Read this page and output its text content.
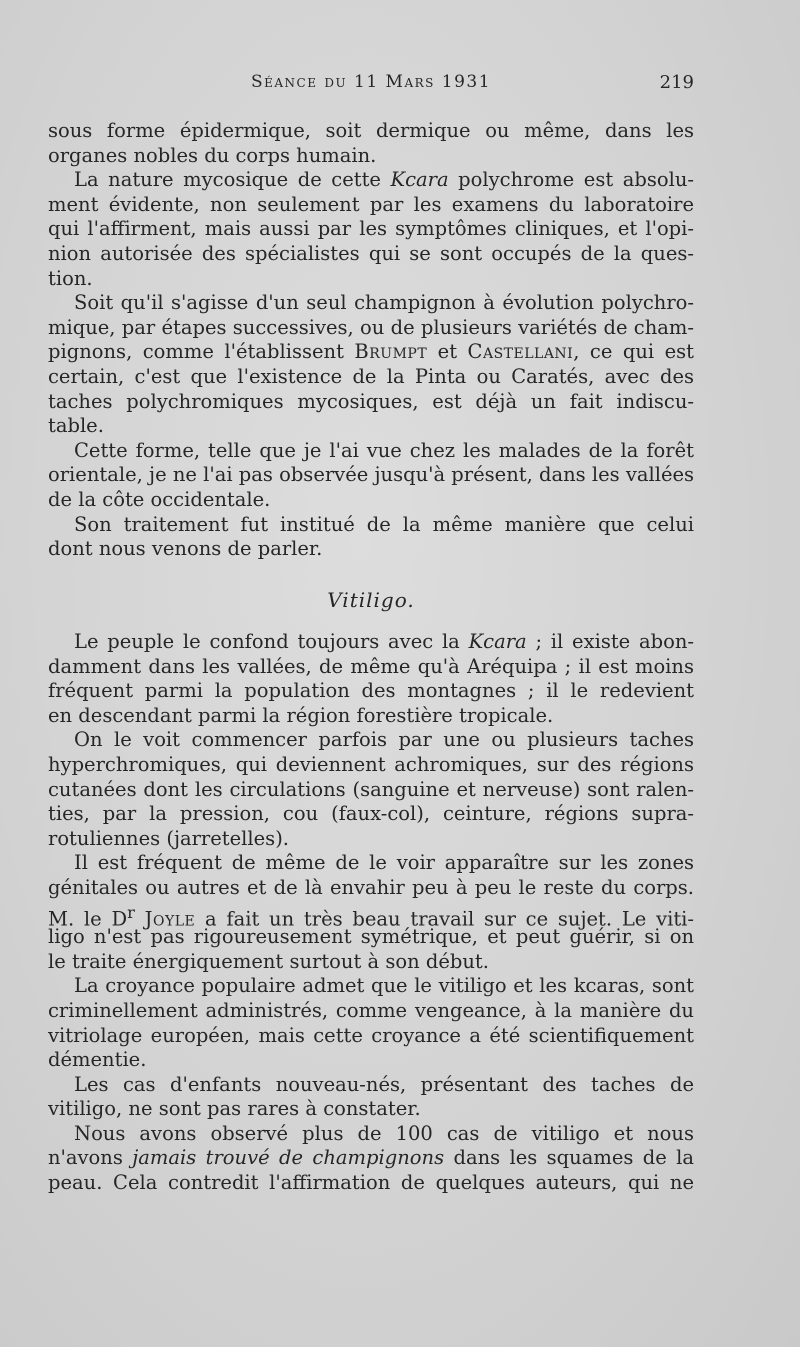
Séance du 11 Mars 1931	219
sous forme épidermique, soit dermique ou même, dans les
organes nobles du corps humain.
La nature mycosique de cette Kcara polychrome est absolu-
ment évidente, non seulement par les examens du laboratoire
qui l'affirment, mais aussi par les symptômes cliniques, et l'opi-
nion autorisée des spécialistes qui se sont occupés de la ques-
tion.
Soit qu'il s'agisse d'un seul champignon à évolution polychro-
mique, par étapes successives, ou de plusieurs variétés de cham-
pignons, comme l'établissent Brumpt et Castellani, ce qui est
certain, c'est que l'existence de la Pinta ou Caratés, avec des
taches polychromiques mycosiques, est déjà un fait indiscu-
table.
Cette forme, telle que je l'ai vue chez les malades de la forêt
orientale, je ne l'ai pas observée jusqu'à présent, dans les vallées
de la côte occidentale.
Son traitement fut institué de la même manière que celui
dont nous venons de parler.
Vitiligo.
Le peuple le confond toujours avec la Kcara ; il existe abon-
damment dans les vallées, de même qu'à Aréquipa ; il est moins
fréquent parmi la population des montagnes ; il le redevient
en descendant parmi la région forestière tropicale.
On le voit commencer parfois par une ou plusieurs taches
hyperchromiques, qui deviennent achromiques, sur des régions
cutanées dont les circulations (sanguine et nerveuse) sont ralen-
ties, par la pression, cou (faux-col), ceinture, régions supra-
rotuliennes (jarretelles).
Il est fréquent de même de le voir apparaître sur les zones
génitales ou autres et de là envahir peu à peu le reste du corps.
M. le $D^r$ Joyle a fait un très beau travail sur ce sujet. Le viti-
ligo n'est pas rigoureusement symétrique, et peut guérir, si on
le traite énergiquement surtout à son début.
La croyance populaire admet que le vitiligo et les kcaras, sont
criminellement administrés, comme vengeance, à la manière du
vitriolage européen, mais cette croyance a été scientifiquement
démentie.
Les cas d'enfants nouveau-nés, présentant des taches de
vitiligo, ne sont pas rares à constater.
Nous avons observé plus de 100 cas de vitiligo et nous
n'avons jamais trouvé de champignons dans les squames de la
peau. Cela contredit l'affirmation de quelques auteurs, qui ne
